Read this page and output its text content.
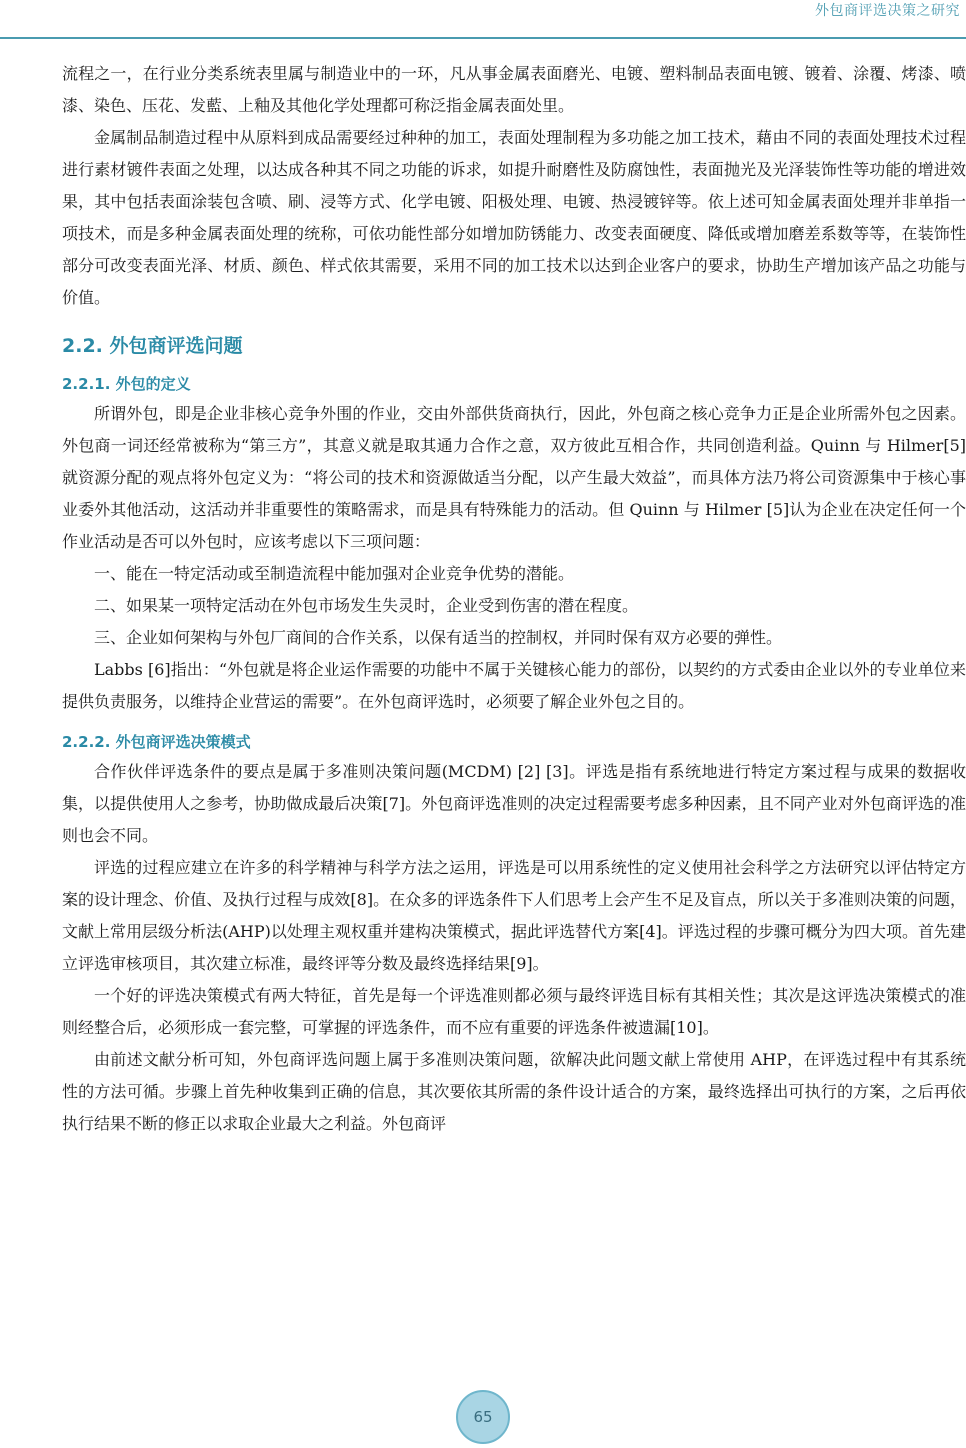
外包商评选决策之研究

流程之一，在行业分类系统表里属与制造业中的一环，凡从事金属表面磨光、电镀、塑料制品表面电镀、镀着、涂覆、烤漆、喷漆、染色、压花、发藍、上釉及其他化学处理都可称泛指金属表面处里。

金属制品制造过程中从原料到成品需要经过种种的加工，表面处理制程为多功能之加工技术，藉由不同的表面处理技术过程进行素材镀件表面之处理，以达成各种其不同之功能的诉求，如提升耐磨性及防腐蚀性，表面抛光及光泽装饰性等功能的增进效果，其中包括表面涂装包含喷、刷、浸等方式、化学电镀、阳极处理、电镀、热浸镀锌等。依上述可知金属表面处理并非单指一项技术，而是多种金属表面处理的统称，可依功能性部分如增加防锈能力、改变表面硬度、降低或增加磨差系数等等，在装饰性部分可改变表面光泽、材质、颜色、样式依其需要，采用不同的加工技术以达到企业客户的要求，协助生产增加该产品之功能与价值。

2.2. 外包商评选问题
2.2.1. 外包的定义

所谓外包，即是企业非核心竞争外围的作业，交由外部供货商执行，因此，外包商之核心竞争力正是企业所需外包之因素。外包商一词还经常被称为“第三方”，其意义就是取其通力合作之意，双方彼此互相合作，共同创造利益。Quinn 与 Hilmer[5]就资源分配的观点将外包定义为：“将公司的技术和资源做适当分配，以产生最大效益”，而具体方法乃将公司资源集中于核心事业委外其他活动，这活动并非重要性的策略需求，而是具有特殊能力的活动。但 Quinn 与 Hilmer [5]认为企业在决定任何一个作业活动是否可以外包时，应该考虑以下三项问题：

一、能在一特定活动或至制造流程中能加强对企业竞争优势的潜能。

二、如果某一项特定活动在外包市场发生失灵时，企业受到伤害的潜在程度。

三、企业如何架构与外包厂商间的合作关系，以保有适当的控制权，并同时保有双方必要的弹性。

Labbs [6]指出：“外包就是将企业运作需要的功能中不属于关键核心能力的部份，以契约的方式委由企业以外的专业单位来提供负责服务，以维持企业营运的需要”。在外包商评选时，必须要了解企业外包之目的。

2.2.2. 外包商评选决策模式

合作伙伴评选条件的要点是属于多准则决策问题(MCDM) [2] [3]。评选是指有系统地进行特定方案过程与成果的数据收集，以提供使用人之参考，协助做成最后决策[7]。外包商评选准则的决定过程需要考虑多种因素，且不同产业对外包商评选的准则也会不同。

评选的过程应建立在许多的科学精神与科学方法之运用，评选是可以用系统性的定义使用社会科学之方法研究以评估特定方案的设计理念、价值、及执行过程与成效[8]。在众多的评选条件下人们思考上会产生不足及盲点，所以关于多准则决策的问题，文献上常用层级分析法(AHP)以处理主观权重并建构决策模式，据此评选替代方案[4]。评选过程的步骤可概分为四大项。首先建立评选审核项目，其次建立标准，最终评等分数及最终选择结果[9]。

一个好的评选决策模式有两大特征，首先是每一个评选准则都必须与最终评选目标有其相关性；其次是这评选决策模式的准则经整合后，必须形成一套完整，可掌握的评选条件，而不应有重要的评选条件被遗漏[10]。

由前述文献分析可知，外包商评选问题上属于多准则决策问题，欲解决此问题文献上常使用 AHP，在评选过程中有其系统性的方法可循。步骤上首先种收集到正确的信息，其次要依其所需的条件设计适合的方案，最终选择出可执行的方案，之后再依执行结果不断的修正以求取企业最大之利益。外包商评

65
